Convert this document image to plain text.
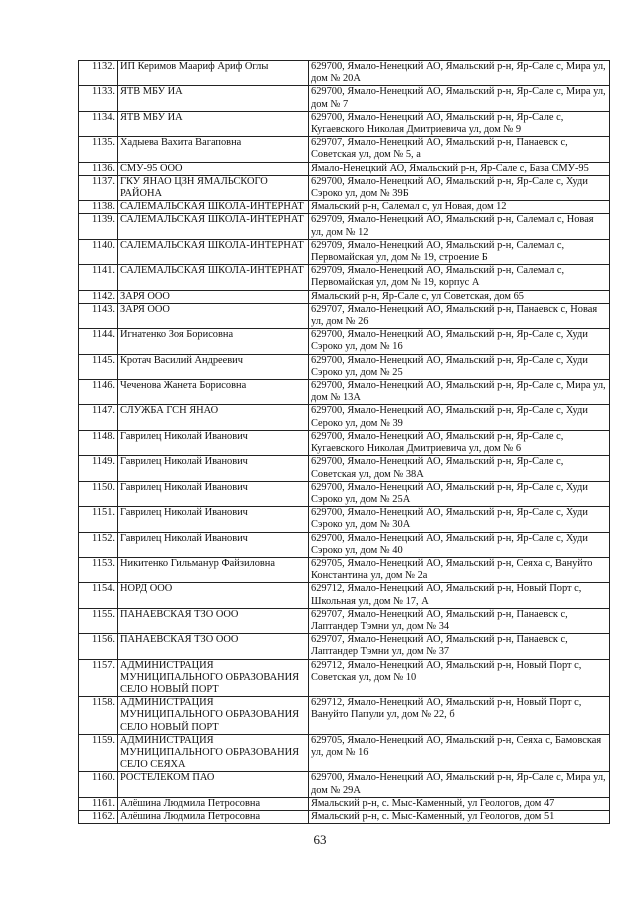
1132.	ИП Керимов Маариф Ариф Оглы	629700, Ямало-Ненецкий АО, Ямальский р-н, Яр-Сале с, Мира ул, дом № 20А
1133.	ЯТВ МБУ ИА	629700, Ямало-Ненецкий АО, Ямальский р-н, Яр-Сале с, Мира ул, дом № 7
1134.	ЯТВ МБУ ИА	629700, Ямало-Ненецкий АО, Ямальский р-н, Яр-Сале с, Кугаевского Николая Дмитриевича ул, дом № 9
1135.	Хадыева Вахита Вагаповна	629707, Ямало-Ненецкий АО, Ямальский р-н, Панаевск с, Советская ул, дом № 5, а
1136.	СМУ-95 ООО	Ямало-Ненецкий АО, Ямальский р-н, Яр-Сале с, База СМУ-95
1137.	ГКУ ЯНАО ЦЗН ЯМАЛЬСКОГО РАЙОНА	629700, Ямало-Ненецкий АО, Ямальский р-н, Яр-Сале с, Худи Сэроко ул, дом № 39Б
1138.	САЛЕМАЛЬСКАЯ ШКОЛА-ИНТЕРНАТ	Ямальский р-н, Салемал с, ул Новая, дом 12
1139.	САЛЕМАЛЬСКАЯ ШКОЛА-ИНТЕРНАТ	629709, Ямало-Ненецкий АО, Ямальский р-н, Салемал с, Новая ул, дом № 12
1140.	САЛЕМАЛЬСКАЯ ШКОЛА-ИНТЕРНАТ	629709, Ямало-Ненецкий АО, Ямальский р-н, Салемал с, Первомайская ул, дом № 19, строение Б
1141.	САЛЕМАЛЬСКАЯ ШКОЛА-ИНТЕРНАТ	629709, Ямало-Ненецкий АО, Ямальский р-н, Салемал с, Первомайская ул, дом № 19, корпус А
1142.	ЗАРЯ ООО	Ямальский р-н, Яр-Сале с, ул Советская, дом 65
1143.	ЗАРЯ ООО	629707, Ямало-Ненецкий АО, Ямальский р-н, Панаевск с, Новая ул, дом № 26
1144.	Игнатенко Зоя Борисовна	629700, Ямало-Ненецкий АО, Ямальский р-н, Яр-Сале с, Худи Сэроко ул, дом № 16
1145.	Кротач Василий Андреевич	629700, Ямало-Ненецкий АО, Ямальский р-н, Яр-Сале с, Худи Сэроко ул, дом № 25
1146.	Чеченова Жанета Борисовна	629700, Ямало-Ненецкий АО, Ямальский р-н, Яр-Сале с, Мира ул, дом № 13А
1147.	СЛУЖБА ГСН ЯНАО	629700, Ямало-Ненецкий АО, Ямальский р-н, Яр-Сале с, Худи Сероко ул, дом № 39
1148.	Гаврилец Николай Иванович	629700, Ямало-Ненецкий АО, Ямальский р-н, Яр-Сале с, Кугаевского Николая Дмитриевича ул, дом № 6
1149.	Гаврилец Николай Иванович	629700, Ямало-Ненецкий АО, Ямальский р-н, Яр-Сале с, Советская ул, дом № 38А
1150.	Гаврилец Николай Иванович	629700, Ямало-Ненецкий АО, Ямальский р-н, Яр-Сале с, Худи Сэроко ул, дом № 25А
1151.	Гаврилец Николай Иванович	629700, Ямало-Ненецкий АО, Ямальский р-н, Яр-Сале с, Худи Сэроко ул, дом № 30А
1152.	Гаврилец Николай Иванович	629700, Ямало-Ненецкий АО, Ямальский р-н, Яр-Сале с, Худи Сэроко ул, дом № 40
1153.	Никитенко Гильмануp Файзиловна	629705, Ямало-Ненецкий АО, Ямальский р-н, Сеяха с, Вануйто Константина ул, дом № 2а
1154.	НОРД ООО	629712, Ямало-Ненецкий АО, Ямальский р-н, Новый Порт с, Школьная ул, дом № 17, А
1155.	ПАНАЕВСКАЯ ТЗО ООО	629707, Ямало-Ненецкий АО, Ямальский р-н, Панаевск с, Лаптандер Тэмни ул, дом № 34
1156.	ПАНАЕВСКАЯ ТЗО ООО	629707, Ямало-Ненецкий АО, Ямальский р-н, Панаевск с, Лаптандер Тэмни ул, дом № 37
1157.	АДМИНИСТРАЦИЯ МУНИЦИПАЛЬНОГО ОБРАЗОВАНИЯ СЕЛО НОВЫЙ ПОРТ	629712, Ямало-Ненецкий АО, Ямальский р-н, Новый Порт с, Советская ул, дом № 10
1158.	АДМИНИСТРАЦИЯ МУНИЦИПАЛЬНОГО ОБРАЗОВАНИЯ СЕЛО НОВЫЙ ПОРТ	629712, Ямало-Ненецкий АО, Ямальский р-н, Новый Порт с, Вануйто Папули ул, дом № 22, б
1159.	АДМИНИСТРАЦИЯ МУНИЦИПАЛЬНОГО ОБРАЗОВАНИЯ СЕЛО СЕЯХА	629705, Ямало-Ненецкий АО, Ямальский р-н, Сеяха с, Бамовская ул, дом № 16
1160.	РОСТЕЛЕКОМ ПАО	629700, Ямало-Ненецкий АО, Ямальский р-н, Яр-Сале с, Мира ул, дом № 29А
1161.	Алёшина Людмила Петросовна	Ямальский р-н, с. Мыс-Каменный, ул Геологов, дом 47
1162.	Алёшина Людмила Петросовна	Ямальский р-н, с. Мыс-Каменный, ул Геологов, дом 51
63
